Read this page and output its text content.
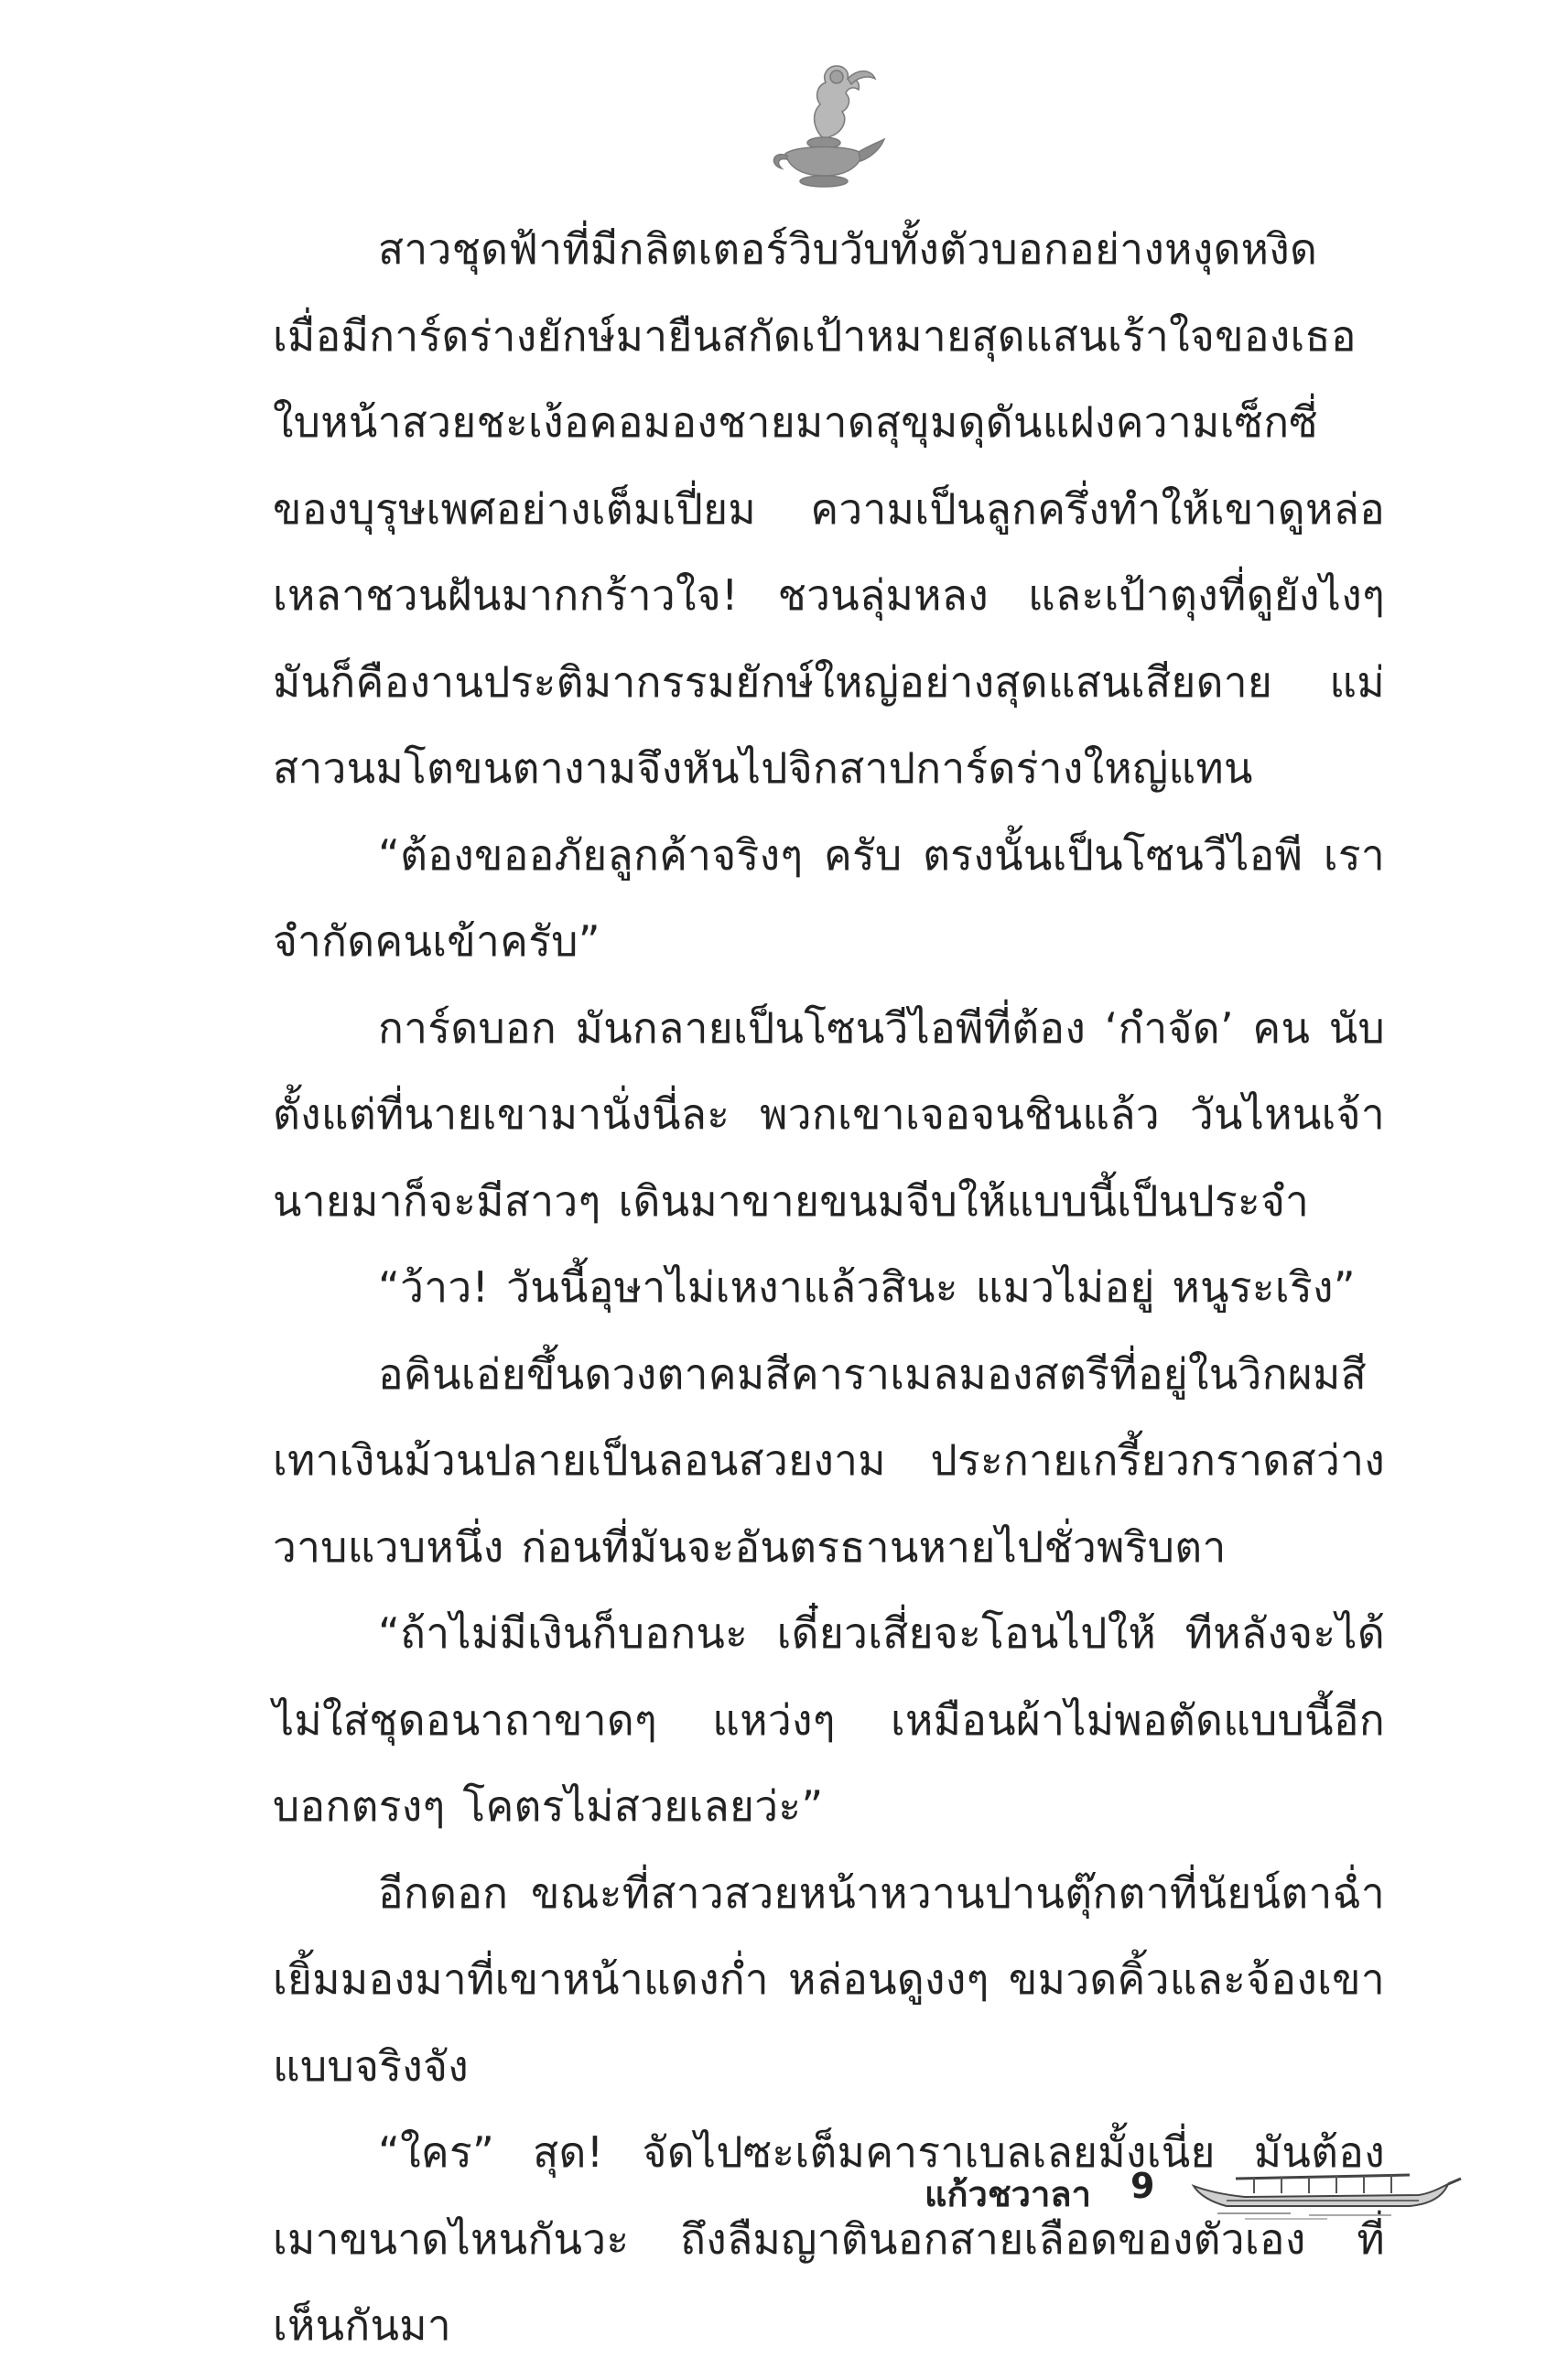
สาวชุดฟ้าที่มีกลิตเตอร์วิบวับทั้งตัวบอกอย่างหงุดหงิด เมื่อมีการ์ดร่างยักษ์มายืนสกัดเป้าหมายสุดแสนเร้าใจของเธอ ใบหน้าสวยชะเง้อคอมองชายมาดสุขุมดุดันแฝงความเซ็กซี่ของบุรุษเพศอย่างเต็มเปี่ยม ความเป็นลูกครึ่งทำให้เขาดูหล่อเหลาชวนฝันมากกร้าวใจ! ชวนลุ่มหลง และเป้าตุงที่ดูยังไงๆ มันก็คืองานประติมากรรมยักษ์ใหญ่อย่างสุดแสนเสียดาย แม่สาวนมโตขนตางามจึงหันไปจิกสาปการ์ดร่างใหญ่แทน

“ต้องขออภัยลูกค้าจริงๆ ครับ ตรงนั้นเป็นโซนวีไอพี เราจำกัดคนเข้าครับ”

การ์ดบอก มันกลายเป็นโซนวีไอพีที่ต้อง ‘กำจัด’ คน นับตั้งแต่ที่นายเขามานั่งนี่ละ พวกเขาเจอจนชินแล้ว วันไหนเจ้านายมาก็จะมีสาวๆ เดินมาขายขนมจีบให้แบบนี้เป็นประจำ

“ว้าว! วันนี้อุษาไม่เหงาแล้วสินะ แมวไม่อยู่ หนูระเริง”

อคินเอ่ยขึ้นดวงตาคมสีคาราเมลมองสตรีที่อยู่ในวิกผมสีเทาเงินม้วนปลายเป็นลอนสวยงาม ประกายเกรี้ยวกราดสว่างวาบแวบหนึ่ง ก่อนที่มันจะอันตรธานหายไปชั่วพริบตา

“ถ้าไม่มีเงินก็บอกนะ เดี๋ยวเสี่ยจะโอนไปให้ ทีหลังจะได้ไม่ใส่ชุดอนาถาขาดๆ แหว่งๆ เหมือนผ้าไม่พอตัดแบบนี้อีกบอกตรงๆ โคตรไม่สวยเลยว่ะ”

อีกดอก ขณะที่สาวสวยหน้าหวานปานตุ๊กตาที่นัยน์ตาฉ่ำเยิ้มมองมาที่เขาหน้าแดงก่ำ หล่อนดูงงๆ ขมวดคิ้วและจ้องเขาแบบจริงจัง

“ใคร” สุด! จัดไปซะเต็มคาราเบลเลยมั้งเนี่ย มันต้องเมาขนาดไหนกันวะ ถึงลืมญาตินอกสายเลือดของตัวเอง ที่เห็นกันมา

แก้วชวาลา 9
